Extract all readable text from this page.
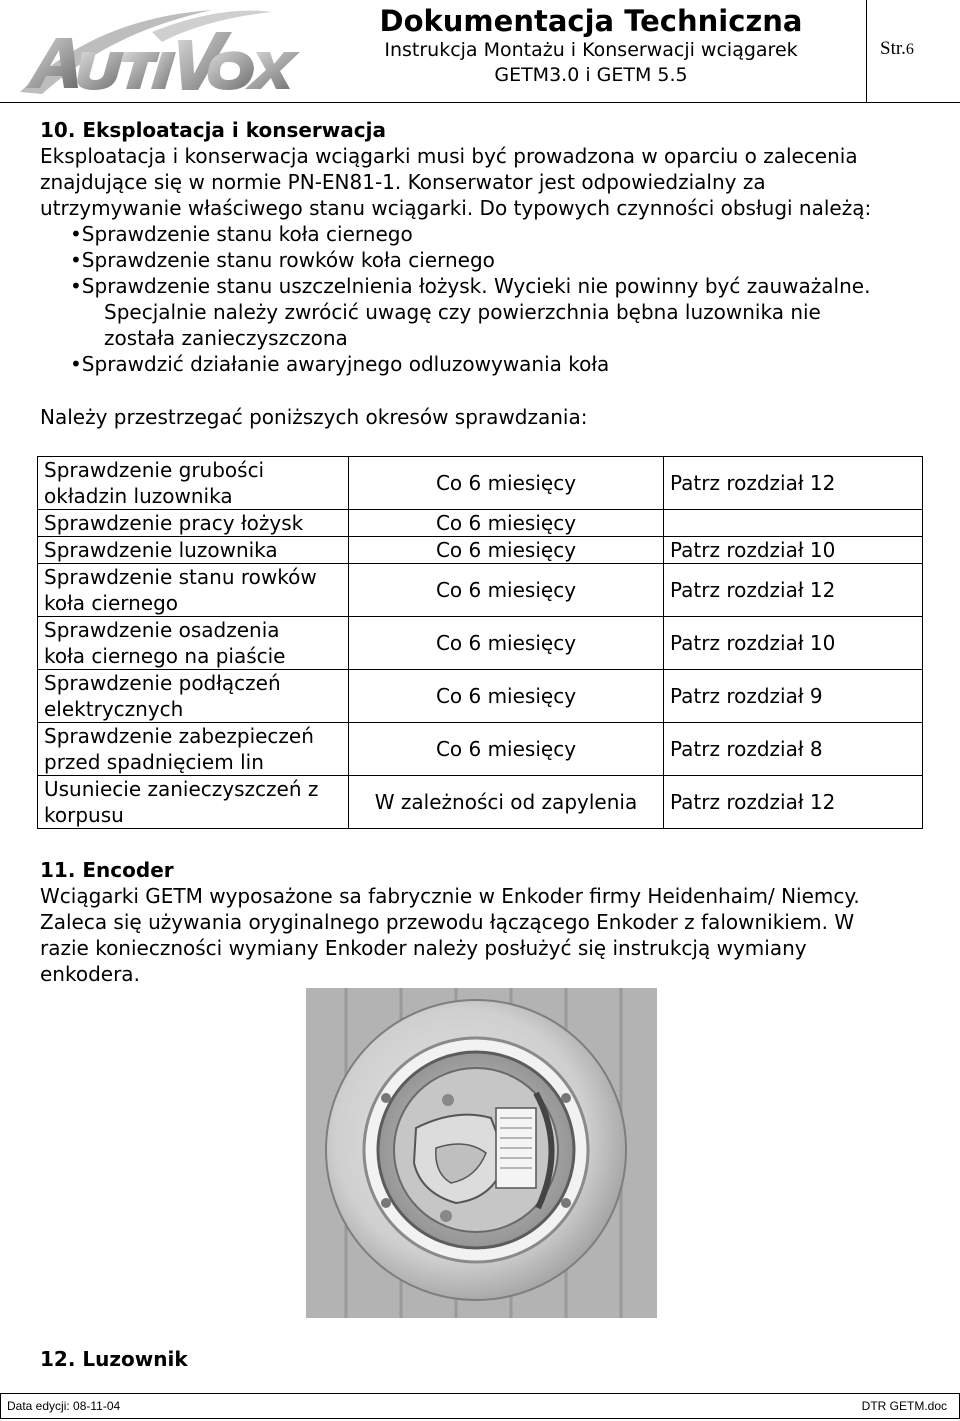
Dokumentacja Techniczna
Instrukcja Montażu i Konserwacji wciągarek
GETM3.0 i GETM 5.5
Str.6
10. Eksploatacja i konserwacja
Eksploatacja i konserwacja wciągarki musi być prowadzona w oparciu o zalecenia
znajdujące się w normie PN-EN81-1. Konserwator jest odpowiedzialny za
utrzymywanie właściwego stanu wciągarki. Do typowych czynności obsługi należą:
•Sprawdzenie stanu koła ciernego
•Sprawdzenie stanu rowków koła ciernego
•Sprawdzenie stanu uszczelnienia łożysk. Wycieki nie powinny być zauważalne.
Specjalnie należy zwrócić uwagę czy powierzchnia bębna luzownika nie
została zanieczyszczona
•Sprawdzić działanie awaryjnego odluzowywania koła
Należy przestrzegać poniższych okresów sprawdzania:
Sprawdzenie grubości
okładzin luzownika	Co 6 miesięcy	Patrz rozdział 12

Sprawdzenie pracy łożysk	Co 6 miesięcy	

Sprawdzenie luzownika	Co 6 miesięcy	Patrz rozdział 10

Sprawdzenie stanu rowków
koła ciernego	Co 6 miesięcy	Patrz rozdział 12

Sprawdzenie osadzenia
koła ciernego na piaście	Co 6 miesięcy	Patrz rozdział 10

Sprawdzenie podłączeń
elektrycznych	Co 6 miesięcy	Patrz rozdział 9

Sprawdzenie zabezpieczeń
przed spadnięciem lin	Co 6 miesięcy	Patrz rozdział 8

Usuniecie zanieczyszczeń z
korpusu	W zależności od zapylenia	Patrz rozdział 12
11. Encoder
Wciągarki GETM wyposażone sa fabrycznie w Enkoder firmy Heidenhaim/ Niemcy.
Zaleca się używania oryginalnego przewodu łączącego Enkoder z falownikiem. W
razie konieczności wymiany Enkoder należy posłużyć się instrukcją wymiany
enkodera.
12. Luzownik
Data edycji: 08-11-04	DTR GETM.doc
